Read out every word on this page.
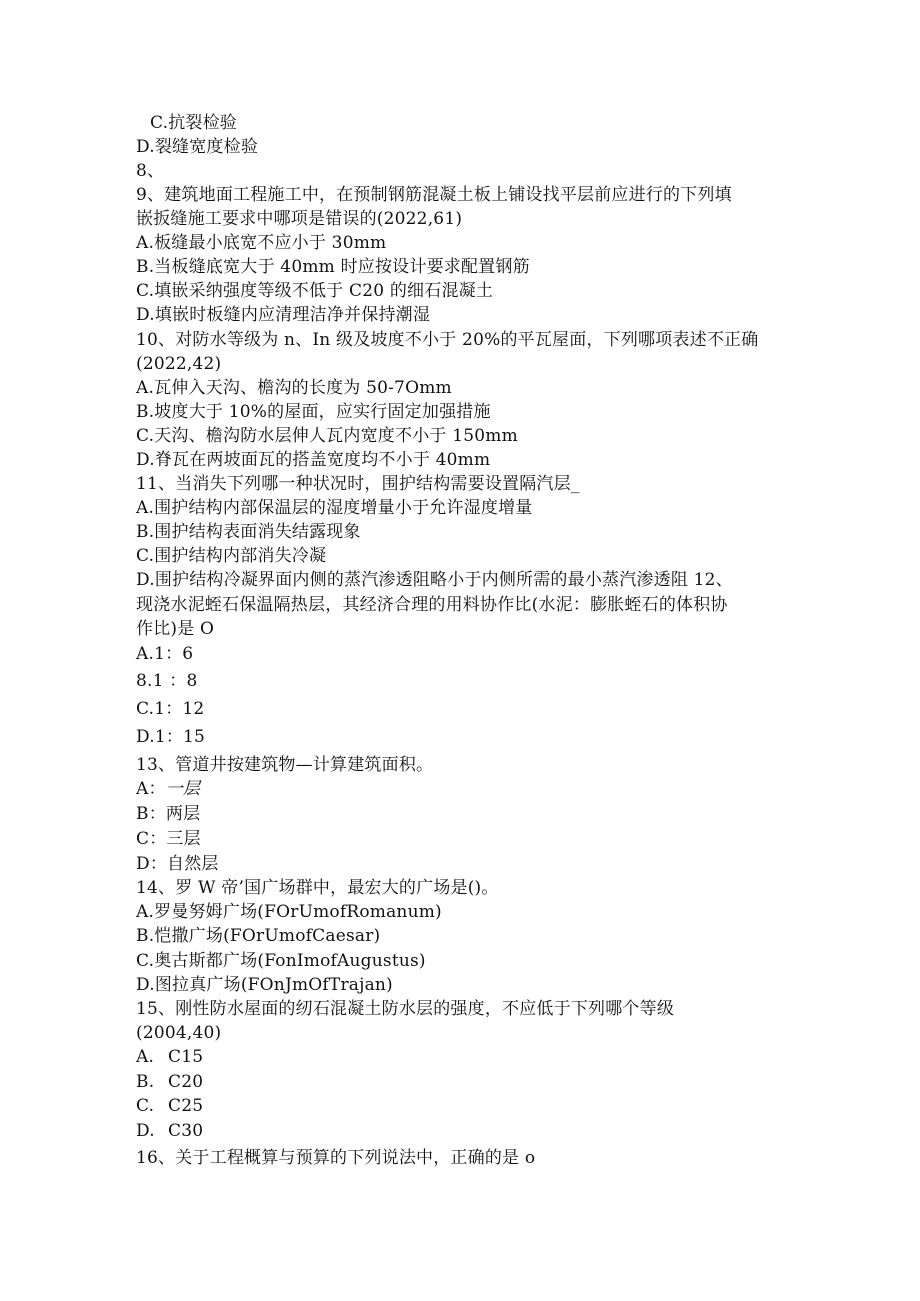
C.抗裂检验
D.裂缝宽度检验
8、
9、建筑地面工程施工中，在预制钢筋混凝土板上铺设找平层前应进行的下列填
嵌扳缝施工要求中哪项是错误的(2022,61)
A.板缝最小底宽不应小于 30mm
B.当板缝底宽大于 40mm 时应按设计要求配置钢筋
C.填嵌采纳强度等级不低于 C20 的细石混凝土
D.填嵌时板缝内应清理洁净并保持潮湿
10、对防水等级为 n、In 级及坡度不小于 20%的平瓦屋面，下列哪项表述不正确
(2022,42)
A.瓦伸入天沟、檐沟的长度为 50-7Omm
B.坡度大于 10%的屋面，应实行固定加强措施
C.天沟、檐沟防水层伸人瓦内宽度不小于 150mm
D.脊瓦在两坡面瓦的搭盖宽度均不小于 40mm
11、当消失下列哪一种状况时，围护结构需要设置隔汽层_
A.围护结构内部保温层的湿度增量小于允许湿度增量
B.围护结构表面消失结露现象
C.围护结构内部消失冷凝
D.围护结构冷凝界面内侧的蒸汽渗透阻略小于内侧所需的最小蒸汽渗透阻 12、
现浇水泥蛭石保温隔热层，其经济合理的用料协作比(水泥：膨胀蛭石的体积协
作比)是 O
A.1：6
8.1 ：8
C.1：12
D.1：15
13、管道井按建筑物—计算建筑面积。
A：一层
B：两层
C：三层
D：自然层
14、罗 W 帝’国广场群中，最宏大的广场是()。
A.罗曼努姆广场(FOrUmofRomanum)
B.恺撒广场(FOrUmofCaesar)
C.奥古斯都广场(FonImofAugustus)
D.图拉真广场(FOnJmOfTrajan)
15、刚性防水屋面的纫石混凝土防水层的强度，不应低于下列哪个等级
(2004,40)
A. C15
B. C20
C. C25
D. C30
16、关于工程概算与预算的下列说法中，正确的是 o
